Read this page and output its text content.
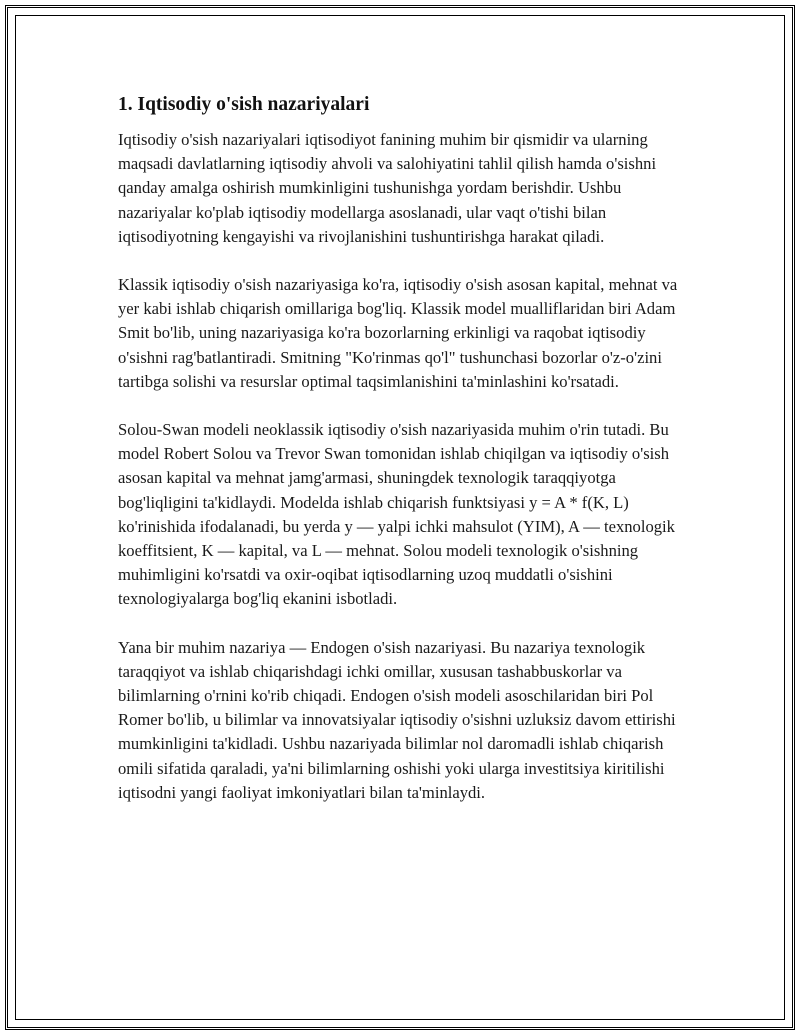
1. Iqtisodiy o'sish nazariyalari

Iqtisodiy o'sish nazariyalari iqtisodiyot fanining muhim bir qismidir va ularning maqsadi davlatlarning iqtisodiy ahvoli va salohiyatini tahlil qilish hamda o'sishni qanday amalga oshirish mumkinligini tushunishga yordam berishdir. Ushbu nazariyalar ko'plab iqtisodiy modellarga asoslanadi, ular vaqt o'tishi bilan iqtisodiyotning kengayishi va rivojlanishini tushuntirishga harakat qiladi.

Klassik iqtisodiy o'sish nazariyasiga ko'ra, iqtisodiy o'sish asosan kapital, mehnat va yer kabi ishlab chiqarish omillariga bog'liq. Klassik model mualliflaridan biri Adam Smit bo'lib, uning nazariyasiga ko'ra bozorlarning erkinligi va raqobat iqtisodiy o'sishni rag'batlantiradi. Smitning "Ko'rinmas qo'l" tushunchasi bozorlar o'z-o'zini tartibga solishi va resurslar optimal taqsimlanishini ta'minlashini ko'rsatadi.

Solou-Swan modeli neoklassik iqtisodiy o'sish nazariyasida muhim o'rin tutadi. Bu model Robert Solou va Trevor Swan tomonidan ishlab chiqilgan va iqtisodiy o'sish asosan kapital va mehnat jamg'armasi, shuningdek texnologik taraqqiyotga bog'liqligini ta'kidlaydi. Modelda ishlab chiqarish funktsiyasi y = A * f(K, L) ko'rinishida ifodalanadi, bu yerda y — yalpi ichki mahsulot (YIM), A — texnologik koeffitsient, K — kapital, va L — mehnat. Solou modeli texnologik o'sishning muhimligini ko'rsatdi va oxir-oqibat iqtisodlarning uzoq muddatli o'sishini texnologiyalarga bog'liq ekanini isbotladi.

Yana bir muhim nazariya — Endogen o'sish nazariyasi. Bu nazariya texnologik taraqqiyot va ishlab chiqarishdagi ichki omillar, xususan tashabbuskorlar va bilimlarning o'rnini ko'rib chiqadi. Endogen o'sish modeli asoschilaridan biri Pol Romer bo'lib, u bilimlar va innovatsiyalar iqtisodiy o'sishni uzluksiz davom ettirishi mumkinligini ta'kidladi. Ushbu nazariyada bilimlar nol daromadli ishlab chiqarish omili sifatida qaraladi, ya'ni bilimlarning oshishi yoki ularga investitsiya kiritilishi iqtisodni yangi faoliyat imkoniyatlari bilan ta'minlaydi.
